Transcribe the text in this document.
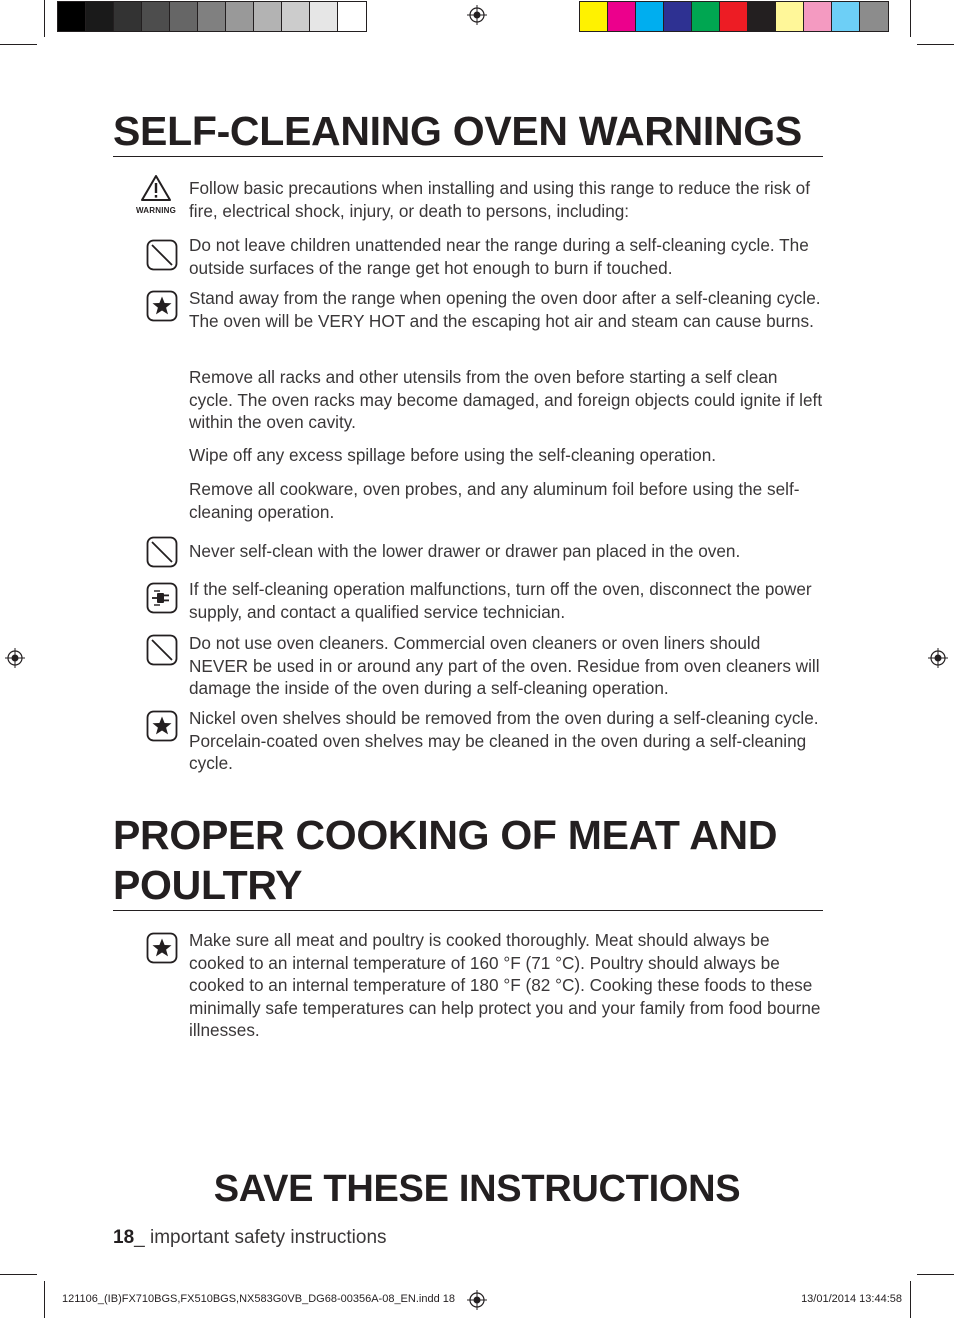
SELF-CLEANING OVEN WARNINGS
WARNING
Follow basic precautions when installing and using this range to reduce the risk of fire, electrical shock, injury, or death to persons, including:
Do not leave children unattended near the range during a self-cleaning cycle. The outside surfaces of the range get hot enough to burn if touched.
Stand away from the range when opening the oven door after a self-cleaning cycle. The oven will be VERY HOT and the escaping hot air and steam can cause burns.
Remove all racks and other utensils from the oven before starting a self clean cycle. The oven racks may become damaged, and foreign objects could ignite if left within the oven cavity.
Wipe off any excess spillage before using the self-cleaning operation.
Remove all cookware, oven probes, and any aluminum foil before using the self-cleaning operation.
Never self-clean with the lower drawer or drawer pan placed in the oven.
If the self-cleaning operation malfunctions, turn off the oven, disconnect the power supply, and contact a qualified service technician.
Do not use oven cleaners. Commercial oven cleaners or oven liners should NEVER be used in or around any part of the oven. Residue from oven cleaners will damage the inside of the oven during a self-cleaning operation.
Nickel oven shelves should be removed from the oven during a self-cleaning cycle. Porcelain-coated oven shelves may be cleaned in the oven during a self-cleaning cycle.
PROPER COOKING OF MEAT AND
POULTRY
Make sure all meat and poultry is cooked thoroughly. Meat should always be cooked to an internal temperature of 160 °F (71 °C). Poultry should always be cooked to an internal temperature of 180 °F (82 °C). Cooking these foods to these minimally safe temperatures can help protect you and your family from food bourne illnesses.
SAVE THESE INSTRUCTIONS
18_ important safety instructions
121106_(IB)FX710BGS,FX510BGS,NX583G0VB_DG68-00356A-08_EN.indd 18	13/01/2014 13:44:58
